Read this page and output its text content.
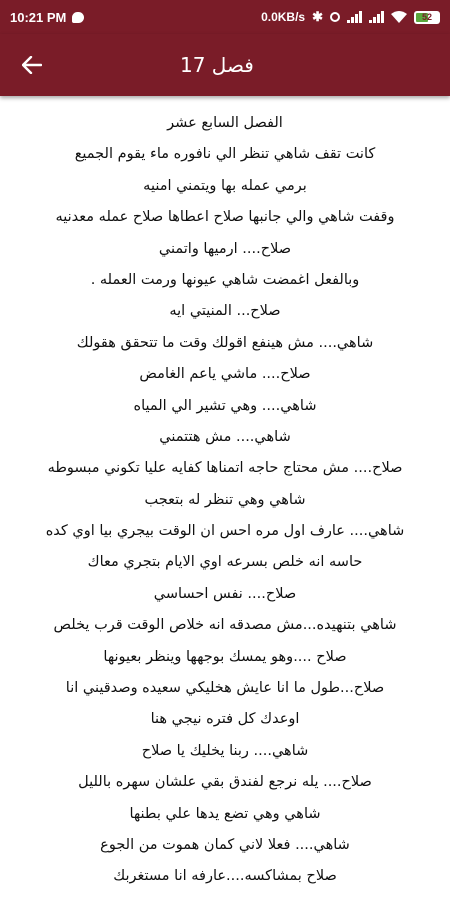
10:21 PM	0.0KB/s ✱	52
فصل 17
الفصل السابع عشر
كانت تقف شاهي تنظر الي نافوره ماء يقوم الجميع
برمي عمله بها ويتمني امنيه
وقفت شاهي والي جانبها صلاح اعطاها صلاح عمله معدنيه
صلاح.... ارميها واتمني
وبالفعل اغمضت شاهي عيونها ورمت العمله .
صلاح... المنيتي ايه
شاهي.... مش هينفع اقولك وقت ما تتحقق هقولك
صلاح.... ماشي ياعم الغامض
شاهي.... وهي تشير الي المياه
شاهي.... مش هتتمني
صلاح.... مش محتاج حاجه اتمناها كفايه عليا تكوني مبسوطه
شاهي وهي تنظر له بتعجب
شاهي.... عارف اول مره احس ان الوقت بيجري بيا اوي كده
حاسه انه خلص بسرعه اوي الايام بتجري معاك
صلاح.... نفس احساسي
شاهي بتنهيده...مش مصدقه انه خلاص الوقت قرب يخلص
صلاح ....وهو يمسك بوجهها وينظر بعيونها
صلاح...طول ما انا عايش هخليكي سعيده وصدقيني انا
اوعدك كل فتره نيجي هنا
شاهي.... ربنا يخليك يا صلاح
صلاح.... يله نرجع لفندق بقي علشان سهره بالليل
شاهي وهي تضع يدها علي بطنها
شاهي.... فعلا لاني كمان هموت من الجوع
صلاح بمشاكسه....عارفه انا مستغربك
